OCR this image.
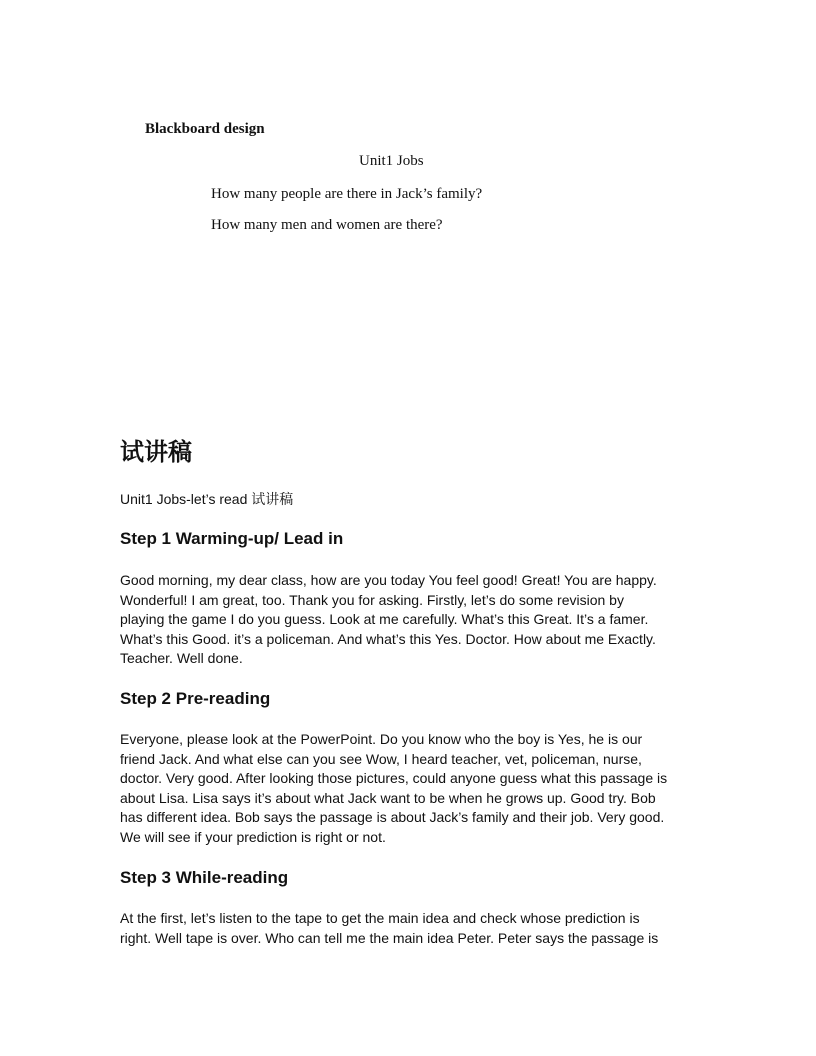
Blackboard design
Unit1 Jobs
How many people are there in Jack’s family?
How many men and women are there?
试讲稿
Unit1 Jobs-let’s read 试讲稿
Step 1 Warming-up/ Lead in
Good morning, my dear class, how are you today You feel good! Great! You are happy.
Wonderful! I am great, too. Thank you for asking. Firstly, let’s do some revision by
playing the game I do you guess. Look at me carefully. What’s this Great. It’s a famer.
What’s this Good. it’s a policeman. And what’s this Yes. Doctor. How about me Exactly.
Teacher. Well done.
Step 2 Pre-reading
Everyone, please look at the PowerPoint. Do you know who the boy is Yes, he is our
friend Jack. And what else can you see Wow, I heard teacher, vet, policeman, nurse,
doctor. Very good. After looking those pictures, could anyone guess what this passage is
about Lisa. Lisa says it’s about what Jack want to be when he grows up. Good try. Bob
has different idea. Bob says the passage is about Jack’s family and their job. Very good.
We will see if your prediction is right or not.
Step 3 While-reading
At the first, let’s listen to the tape to get the main idea and check whose prediction is
right. Well tape is over. Who can tell me the main idea Peter. Peter says the passage is
